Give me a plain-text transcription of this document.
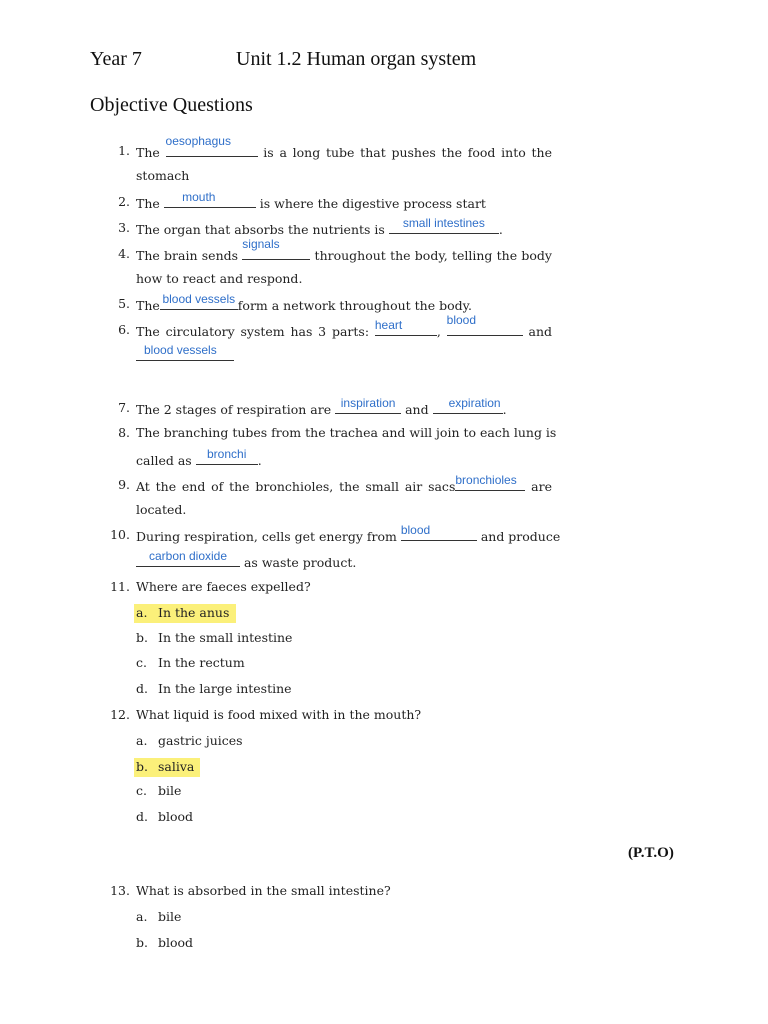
Year 7	Unit 1.2 Human organ system
Objective Questions
1. The
oesophagus
is a long tube that pushes the food into the
stomach
2. The	mouth	is where the digestive process start
3. The organ that absorbs the nutrients is	small intestines	.
4. The brain sends
signals
throughout the body, telling the body
how to react and respond.
5. The blood vessels form a network throughout the body.
6. The circulatory system has 3 parts: heart	,
blood
and
blood vessels
7. The 2 stages of respiration are inspiration and expiration .
8. The branching tubes from the trachea and will join to each lung is
called as	bronchi .
9. At the end of the bronchioles, the small air sacs bronchioles	are
located.
10. During respiration, cells get energy from blood	and produce
carbon dioxide	as waste product.
11. Where are faeces expelled?
a. In the anus
b. In the small intestine
c. In the rectum
d. In the large intestine
12. What liquid is food mixed with in the mouth?
a. gastric juices
b. saliva
c. bile
d. blood
(P.T.O)
13. What is absorbed in the small intestine?
a. bile
b. blood
